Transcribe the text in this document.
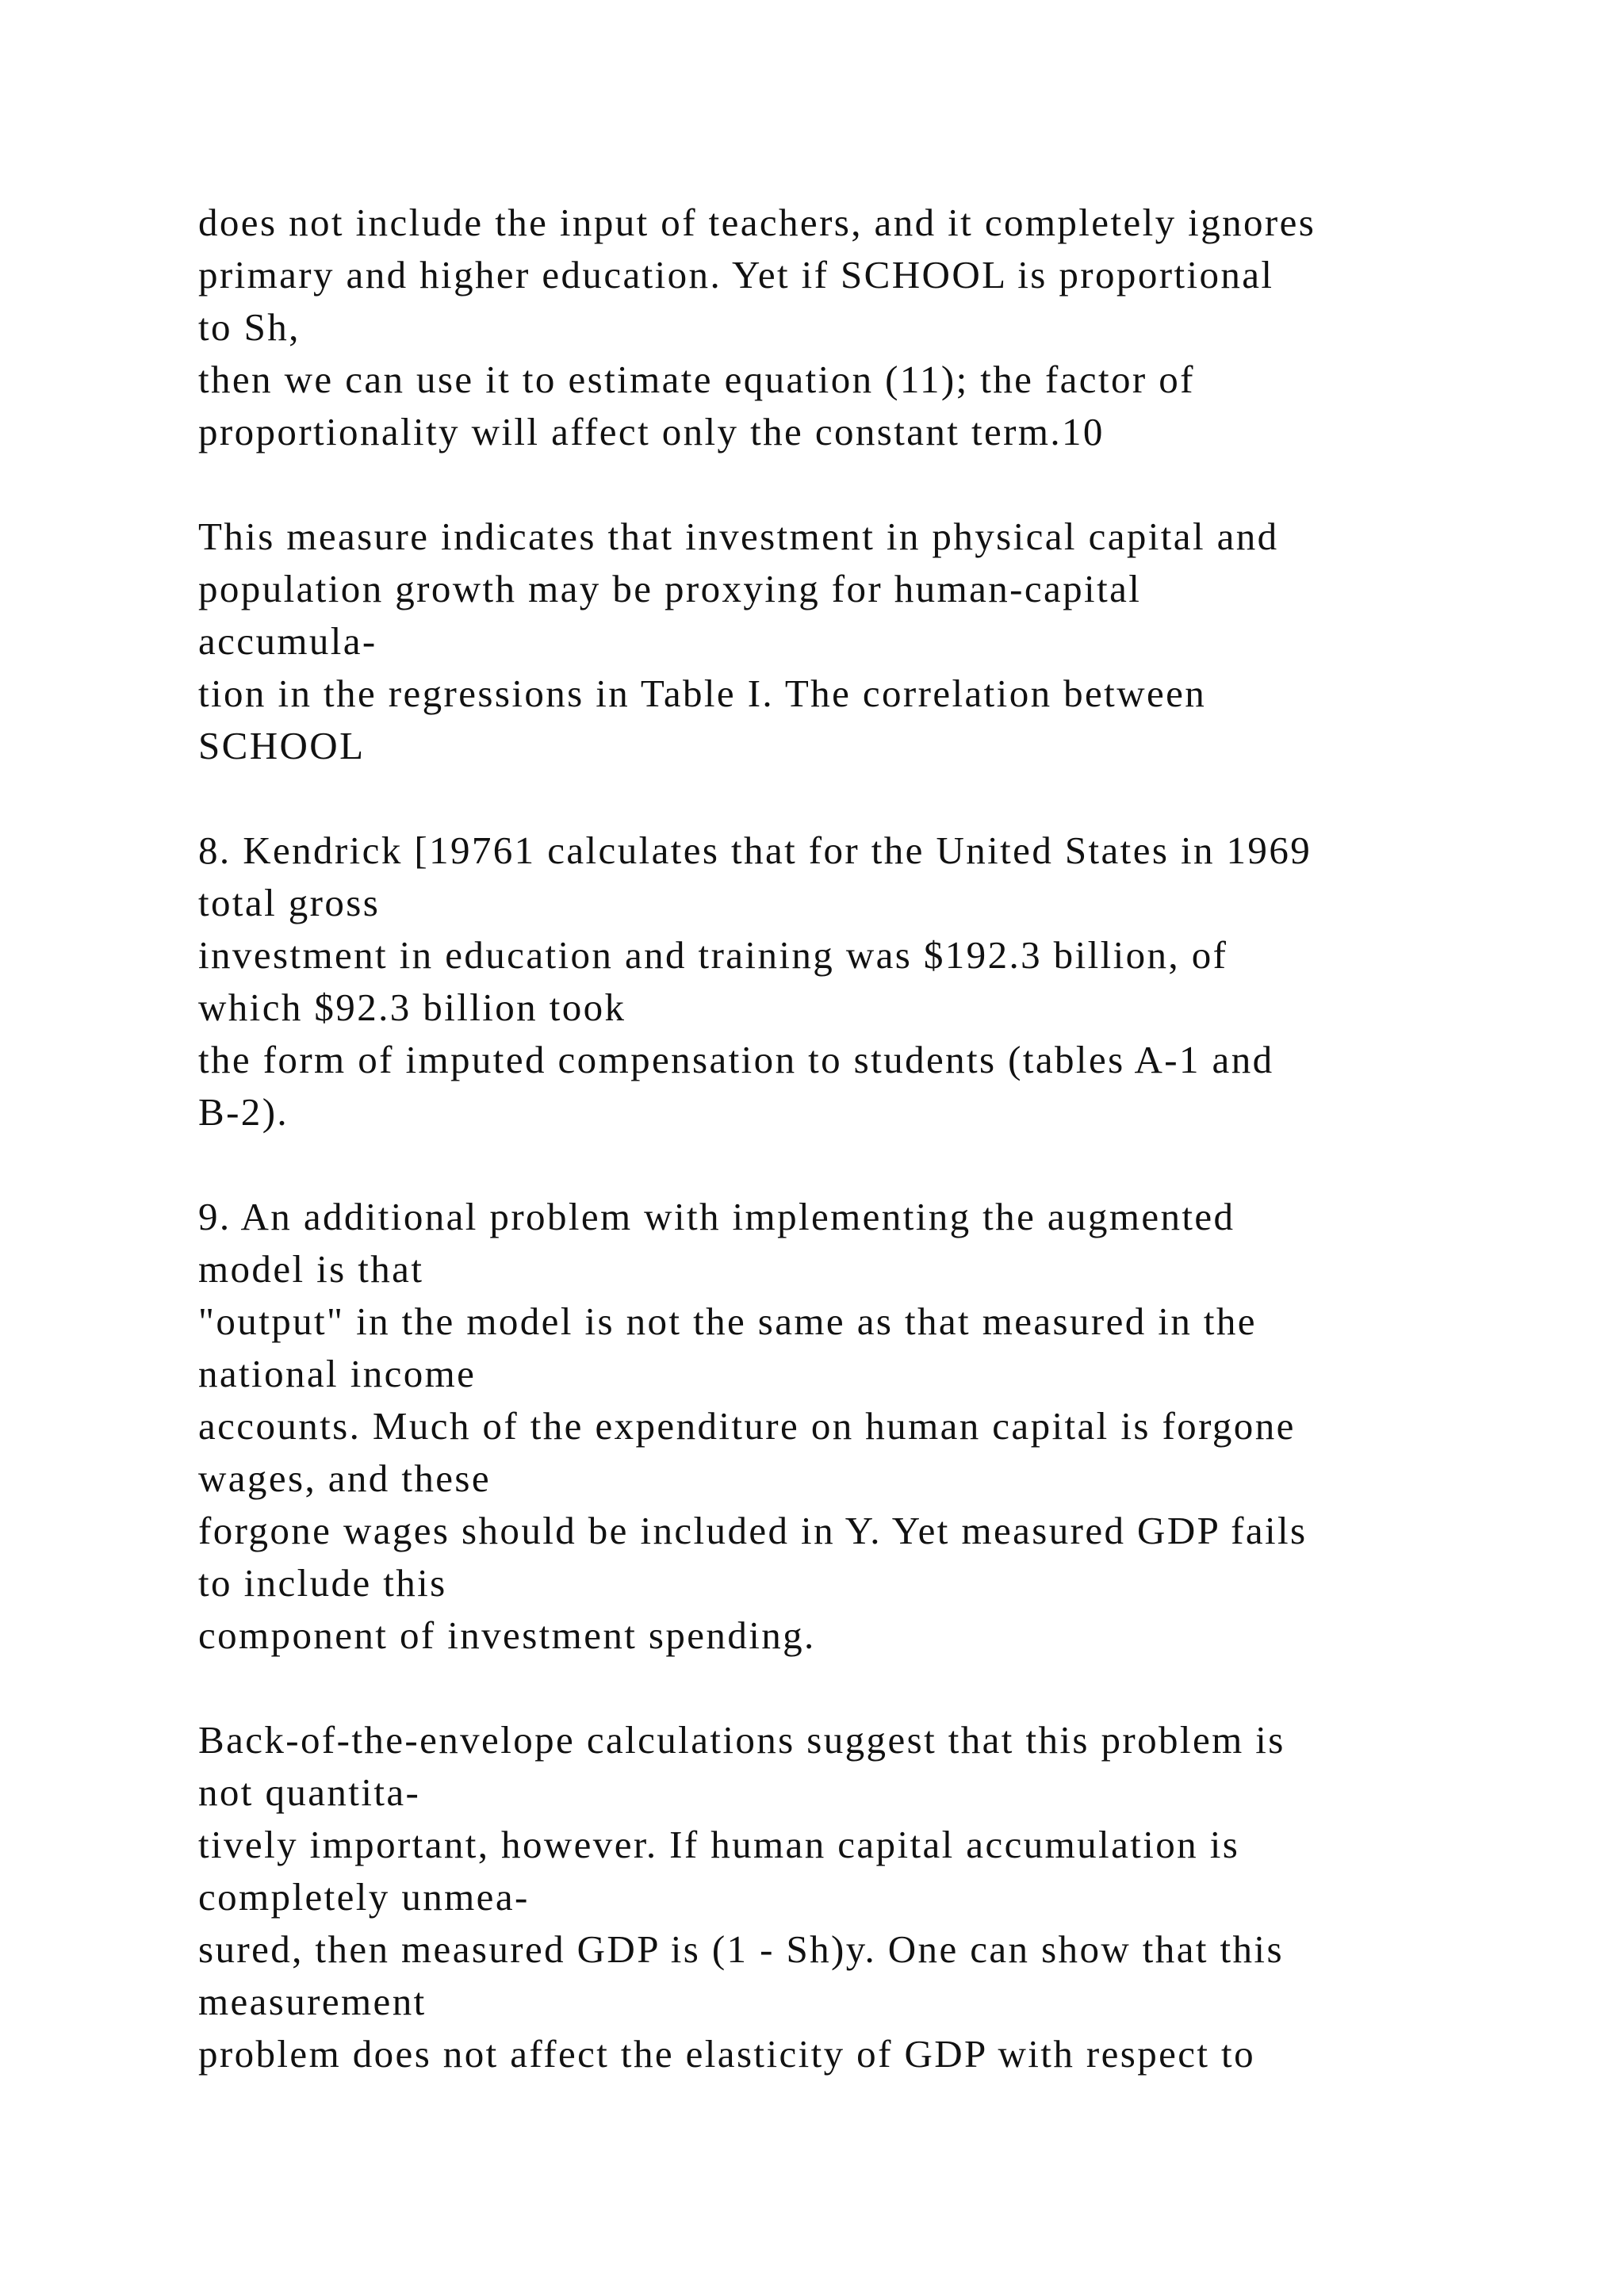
does not include the input of teachers, and it completely ignores
primary and higher education. Yet if SCHOOL is proportional
to Sh,
then we can use it to estimate equation (11); the factor of
proportionality will affect only the constant term.10

This measure indicates that investment in physical capital and
population growth may be proxying for human-capital
accumula-
tion in the regressions in Table I. The correlation between
SCHOOL

8. Kendrick [19761 calculates that for the United States in 1969
total gross
investment in education and training was $192.3 billion, of
which $92.3 billion took
the form of imputed compensation to students (tables A-1 and
B-2).

9. An additional problem with implementing the augmented
model is that
"output" in the model is not the same as that measured in the
national income
accounts. Much of the expenditure on human capital is forgone
wages, and these
forgone wages should be included in Y. Yet measured GDP fails
to include this
component of investment spending.

Back-of-the-envelope calculations suggest that this problem is
not quantita-
tively important, however. If human capital accumulation is
completely unmea-
sured, then measured GDP is (1 - Sh)y. One can show that this
measurement
problem does not affect the elasticity of GDP with respect to
